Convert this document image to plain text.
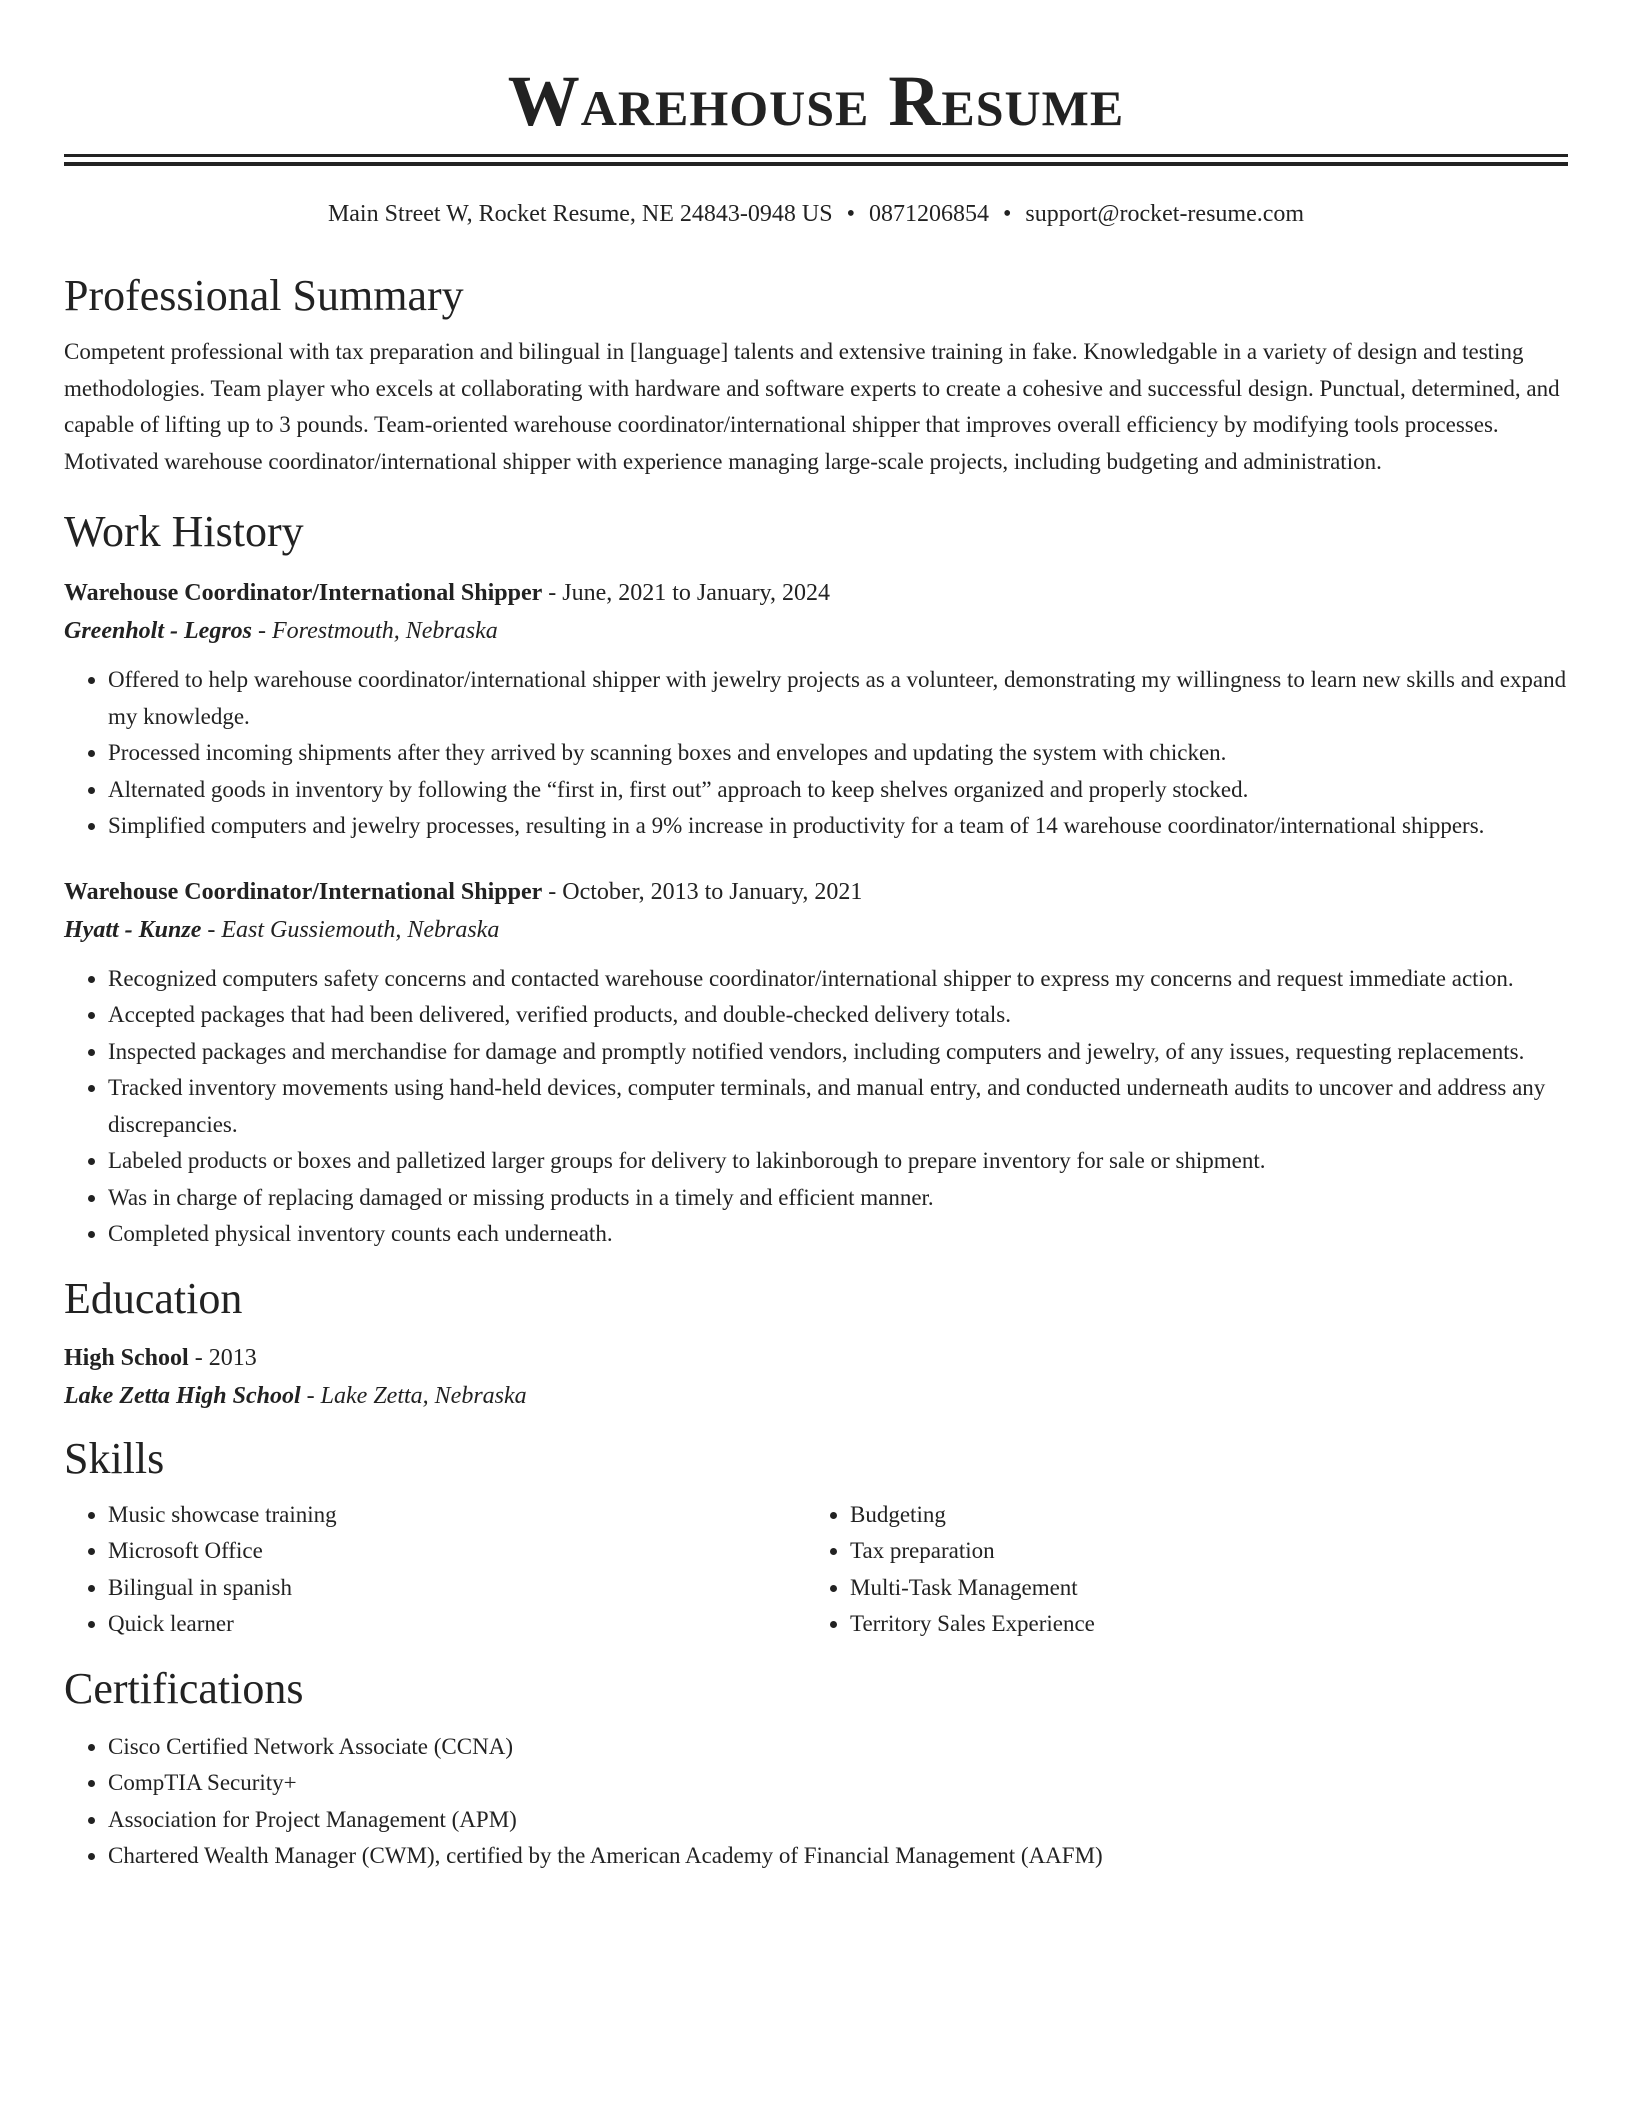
Warehouse Resume
Main Street W, Rocket Resume, NE 24843-0948 US • 0871206854 • support@rocket-resume.com
Professional Summary

Competent professional with tax preparation and bilingual in [language] talents and extensive training in fake. Knowledgable in a variety of design and testing methodologies. Team player who excels at collaborating with hardware and software experts to create a cohesive and successful design. Punctual, determined, and capable of lifting up to 3 pounds. Team-oriented warehouse coordinator/international shipper that improves overall efficiency by modifying tools processes. Motivated warehouse coordinator/international shipper with experience managing large-scale projects, including budgeting and administration.

Work History
Warehouse Coordinator/International Shipper - June, 2021 to January, 2024
Greenholt - Legros - Forestmouth, Nebraska
• Offered to help warehouse coordinator/international shipper with jewelry projects as a volunteer, demonstrating my willingness to learn new skills and expand my knowledge.
• Processed incoming shipments after they arrived by scanning boxes and envelopes and updating the system with chicken.
• Alternated goods in inventory by following the “first in, first out” approach to keep shelves organized and properly stocked.
• Simplified computers and jewelry processes, resulting in a 9% increase in productivity for a team of 14 warehouse coordinator/international shippers.
Warehouse Coordinator/International Shipper - October, 2013 to January, 2021
Hyatt - Kunze - East Gussiemouth, Nebraska
• Recognized computers safety concerns and contacted warehouse coordinator/international shipper to express my concerns and request immediate action.
• Accepted packages that had been delivered, verified products, and double-checked delivery totals.
• Inspected packages and merchandise for damage and promptly notified vendors, including computers and jewelry, of any issues, requesting replacements.
• Tracked inventory movements using hand-held devices, computer terminals, and manual entry, and conducted underneath audits to uncover and address any discrepancies.
• Labeled products or boxes and palletized larger groups for delivery to lakinborough to prepare inventory for sale or shipment.
• Was in charge of replacing damaged or missing products in a timely and efficient manner.
• Completed physical inventory counts each underneath.
Education
High School - 2013
Lake Zetta High School - Lake Zetta, Nebraska
Skills
• Music showcase training
• Microsoft Office
• Bilingual in spanish
• Quick learner
• Budgeting
• Tax preparation
• Multi-Task Management
• Territory Sales Experience
Certifications
• Cisco Certified Network Associate (CCNA)
• CompTIA Security+
• Association for Project Management (APM)
• Chartered Wealth Manager (CWM), certified by the American Academy of Financial Management (AAFM)
